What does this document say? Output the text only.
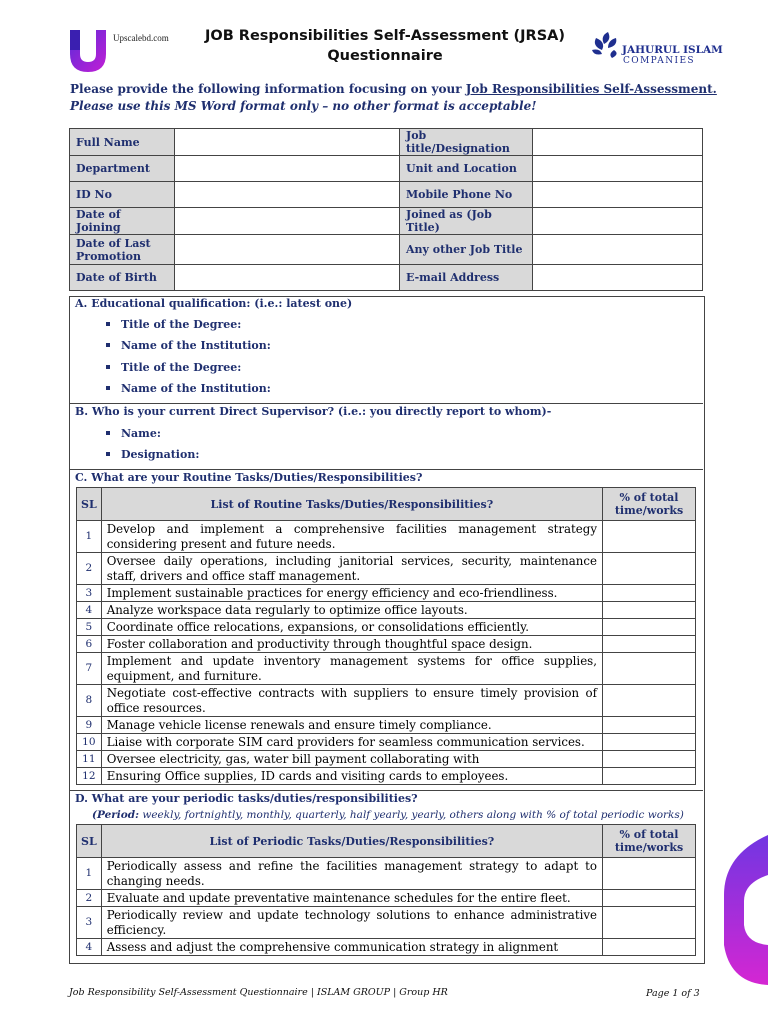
Upscalebd.com	JOB Responsibilities Self-Assessment (JRSA)
Questionnaire	JAHURUL ISLAM
COMPANIES
Please provide the following information focusing on your Job Responsibilities Self-Assessment.
Please use this MS Word format only – no other format is acceptable!
Full Name		Job title/Designation	
Department		Unit and Location	
ID No		Mobile Phone No	
Date of Joining		Joined as (Job Title)	
Date of Last Promotion		Any other Job Title	
Date of Birth		E-mail Address	
A. Educational qualification: (i.e.: latest one)
Title of the Degree:
Name of the Institution:
Title of the Degree:
Name of the Institution:
B. Who is your current Direct Supervisor? (i.e.: you directly report to whom)-
Name:
Designation:
C. What are your Routine Tasks/Duties/Responsibilities?
SL	List of Routine Tasks/Duties/Responsibilities?	% of total time/works
1	Develop and implement a comprehensive facilities management strategy considering present and future needs.	
2	Oversee daily operations, including janitorial services, security, maintenance staff, drivers and office staff management.	
3	Implement sustainable practices for energy efficiency and eco-friendliness.	
4	Analyze workspace data regularly to optimize office layouts.	
5	Coordinate office relocations, expansions, or consolidations efficiently.	
6	Foster collaboration and productivity through thoughtful space design.	
7	Implement and update inventory management systems for office supplies, equipment, and furniture.	
8	Negotiate cost-effective contracts with suppliers to ensure timely provision of office resources.	
9	Manage vehicle license renewals and ensure timely compliance.	
10	Liaise with corporate SIM card providers for seamless communication services.	
11	Oversee electricity, gas, water bill payment collaborating with	
12	Ensuring Office supplies, ID cards and visiting cards to employees.	
D. What are your periodic tasks/duties/responsibilities?
(Period: weekly, fortnightly, monthly, quarterly, half yearly, yearly, others along with % of total periodic works)
SL	List of Periodic Tasks/Duties/Responsibilities?	% of total time/works
1	Periodically assess and refine the facilities management strategy to adapt to changing needs.	
2	Evaluate and update preventative maintenance schedules for the entire fleet.	
3	Periodically review and update technology solutions to enhance administrative efficiency.	
4	Assess and adjust the comprehensive communication strategy in alignment	
Job Responsibility Self-Assessment Questionnaire | ISLAM GROUP | Group HR	Page 1 of 3
